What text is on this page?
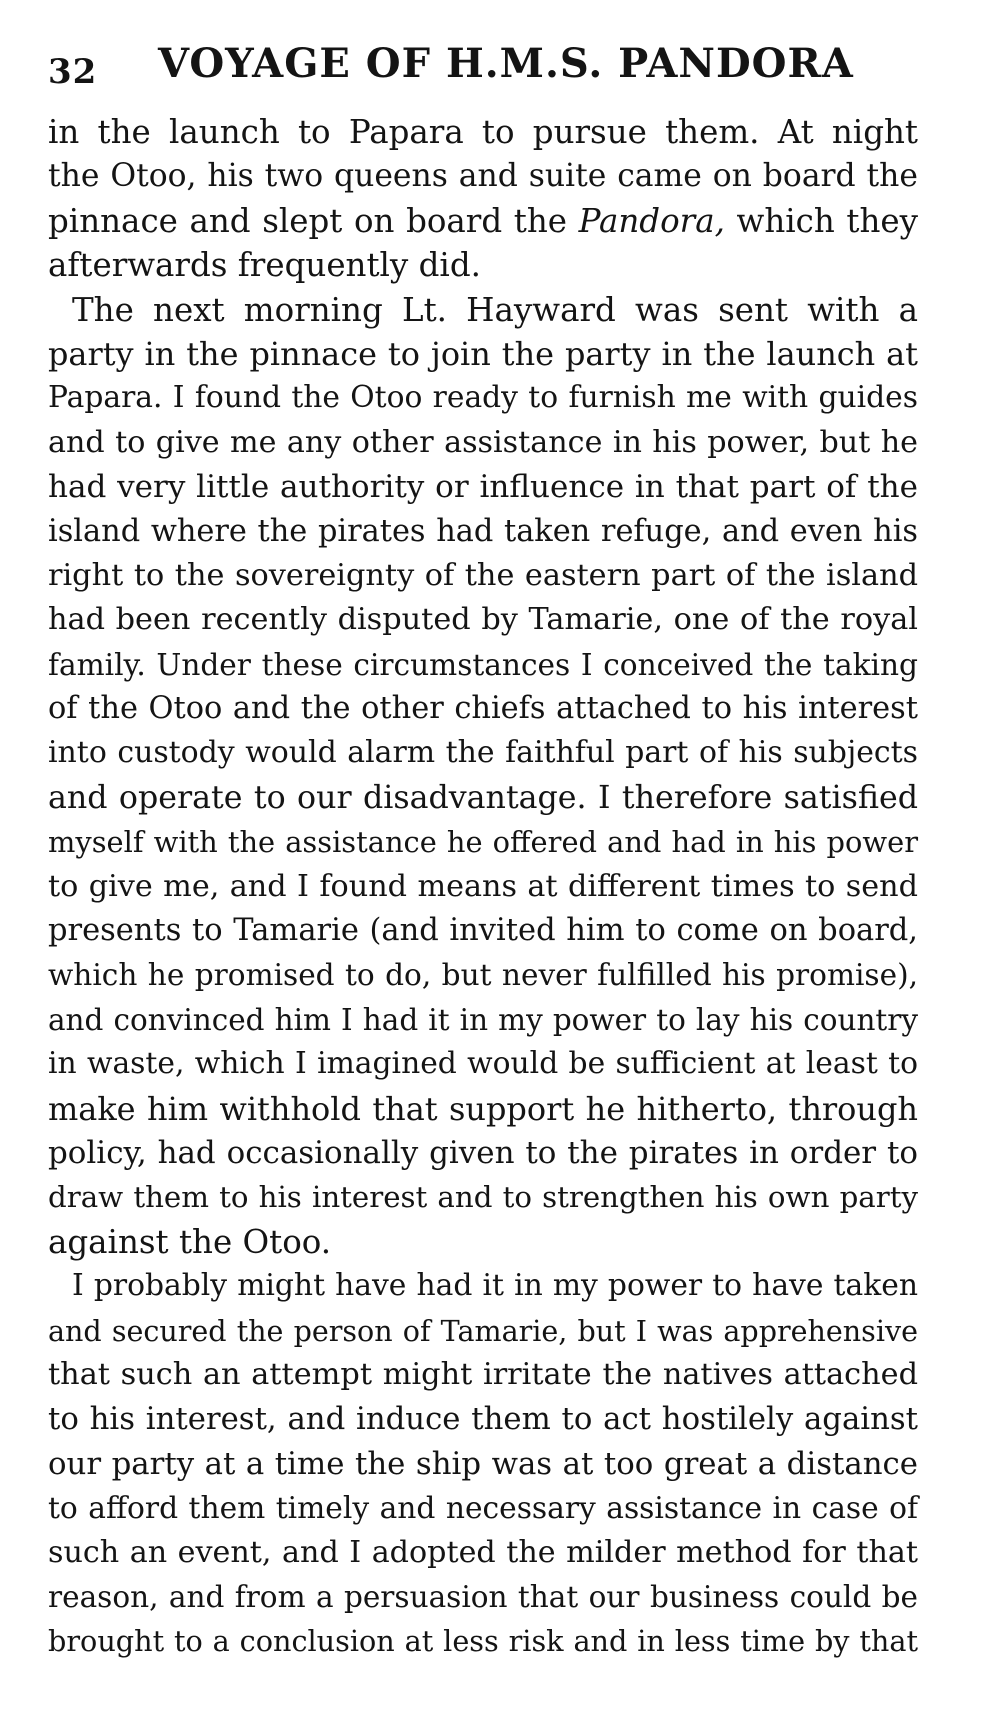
32 VOYAGE OF H.M.S. PANDORA
in the launch to Papara to pursue them. At night
the Otoo, his two queens and suite came on board the
pinnace and slept on board the Pandora, which they
afterwards frequently did.
The next morning Lt. Hayward was sent with a
party in the pinnace to join the party in the launch at
Papara. I found the Otoo ready to furnish me with guides
and to give me any other assistance in his power, but he
had very little authority or influence in that part of the
island where the pirates had taken refuge, and even his
right to the sovereignty of the eastern part of the island
had been recently disputed by Tamarie, one of the royal
family. Under these circumstances I conceived the taking
of the Otoo and the other chiefs attached to his interest
into custody would alarm the faithful part of his subjects
and operate to our disadvantage. I therefore satisfied
myself with the assistance he offered and had in his power
to give me, and I found means at different times to send
presents to Tamarie (and invited him to come on board,
which he promised to do, but never fulfilled his promise),
and convinced him I had it in my power to lay his country
in waste, which I imagined would be sufficient at least to
make him withhold that support he hitherto, through
policy, had occasionally given to the pirates in order to
draw them to his interest and to strengthen his own party
against the Otoo.
I probably might have had it in my power to have taken
and secured the person of Tamarie, but I was apprehensive
that such an attempt might irritate the natives attached
to his interest, and induce them to act hostilely against
our party at a time the ship was at too great a distance
to afford them timely and necessary assistance in case of
such an event, and I adopted the milder method for that
reason, and from a persuasion that our business could be
brought to a conclusion at less risk and in less time by that
